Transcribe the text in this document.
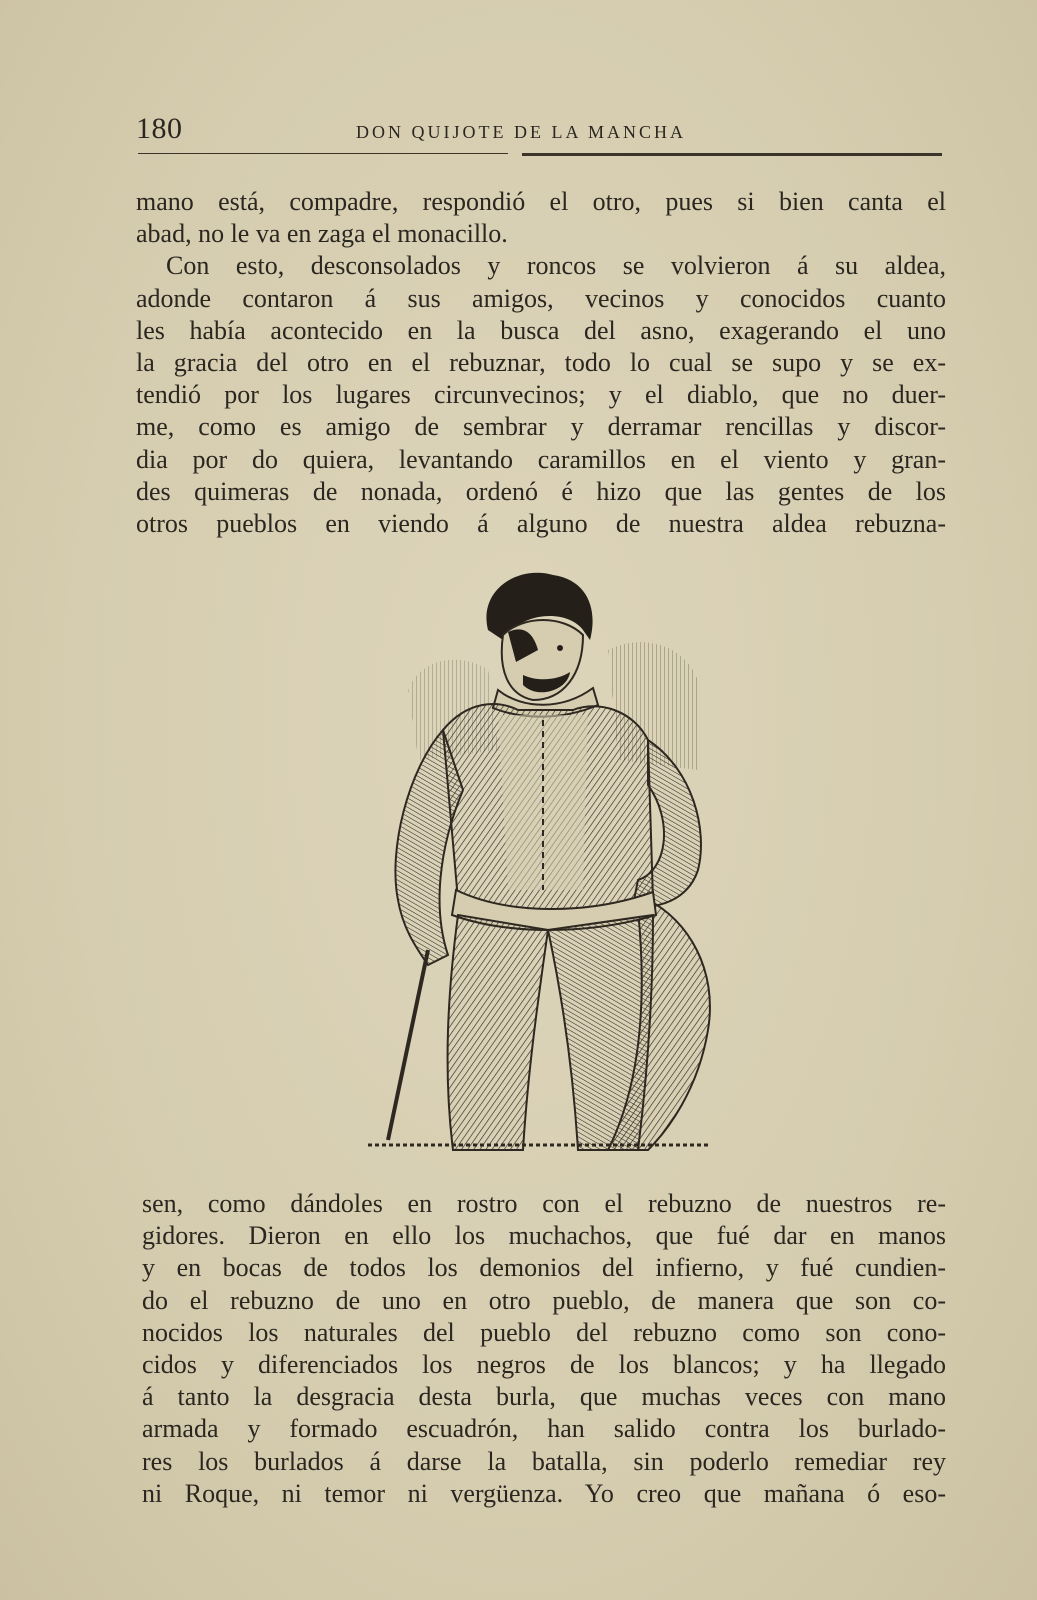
180	DON QUIJOTE DE LA MANCHA
mano está, compadre, respondió el otro, pues si bien canta el
abad, no le va en zaga el monacillo.
Con esto, desconsolados y roncos se volvieron á su aldea,
adonde contaron á sus amigos, vecinos y conocidos cuanto
les había acontecido en la busca del asno, exagerando el uno
la gracia del otro en el rebuznar, todo lo cual se supo y se ex-
tendió por los lugares circunvecinos; y el diablo, que no duer-
me, como es amigo de sembrar y derramar rencillas y discor-
dia por do quiera, levantando caramillos en el viento y gran-
des quimeras de nonada, ordenó é hizo que las gentes de los
otros pueblos en viendo á alguno de nuestra aldea rebuzna-
sen, como dándoles en rostro con el rebuzno de nuestros re-
gidores. Dieron en ello los muchachos, que fué dar en manos
y en bocas de todos los demonios del infierno, y fué cundien-
do el rebuzno de uno en otro pueblo, de manera que son co-
nocidos los naturales del pueblo del rebuzno como son cono-
cidos y diferenciados los negros de los blancos; y ha llegado
á tanto la desgracia desta burla, que muchas veces con mano
armada y formado escuadrón, han salido contra los burlado-
res los burlados á darse la batalla, sin poderlo remediar rey
ni Roque, ni temor ni vergüenza. Yo creo que mañana ó eso-
